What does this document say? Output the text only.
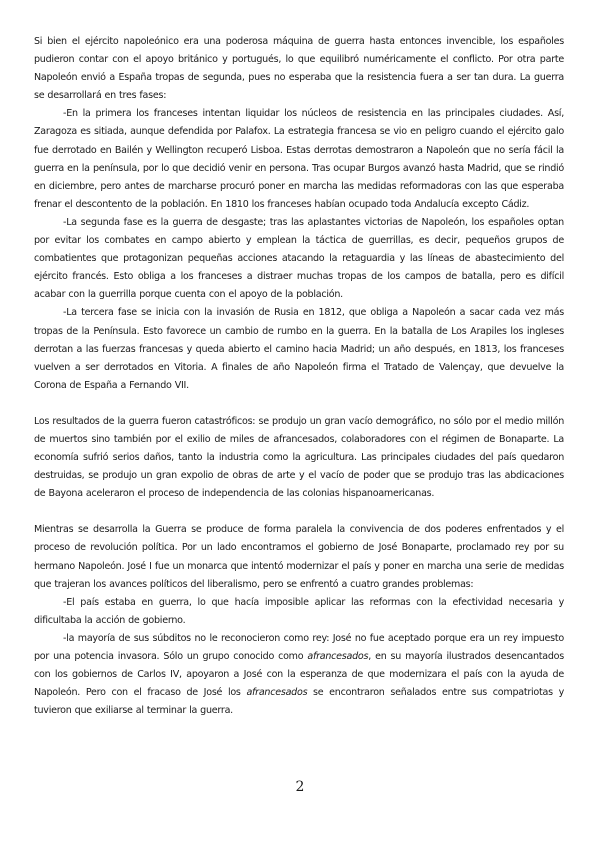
Si bien el ejército napoleónico era una poderosa máquina de guerra hasta entonces invencible, los españoles pudieron contar con el apoyo británico y portugués, lo que equilibró numéricamente el conflicto. Por otra parte Napoleón envió a España tropas de segunda, pues no esperaba que la resistencia fuera a ser tan dura. La guerra se desarrollará en tres fases:

-En la primera los franceses intentan liquidar los núcleos de resistencia en las principales ciudades. Así, Zaragoza es sitiada, aunque defendida por Palafox. La estrategia francesa se vio en peligro cuando el ejército galo fue derrotado en Bailén y Wellington recuperó Lisboa. Estas derrotas demostraron a Napoleón que no sería fácil la guerra en la península, por lo que decidió venir en persona. Tras ocupar Burgos avanzó hasta Madrid, que se rindió en diciembre, pero antes de marcharse procuró poner en marcha las medidas reformadoras con las que esperaba frenar el descontento de la población. En 1810 los franceses habían ocupado toda Andalucía excepto Cádiz.

-La segunda fase es la guerra de desgaste; tras las aplastantes victorias de Napoleón, los españoles optan por evitar los combates en campo abierto y emplean la táctica de guerrillas, es decir, pequeños grupos de combatientes que protagonizan pequeñas acciones atacando la retaguardia y las líneas de abastecimiento del ejército francés. Esto obliga a los franceses a distraer muchas tropas de los campos de batalla, pero es difícil acabar con la guerrilla porque cuenta con el apoyo de la población.

-La tercera fase se inicia con la invasión de Rusia en 1812, que obliga a Napoleón a sacar cada vez más tropas de la Península. Esto favorece un cambio de rumbo en la guerra. En la batalla de Los Arapiles los ingleses derrotan a las fuerzas francesas y queda abierto el camino hacia Madrid; un año después, en 1813, los franceses vuelven a ser derrotados en Vitoria. A finales de año Napoleón firma el Tratado de Valençay, que devuelve la Corona de España a Fernando VII.

Los resultados de la guerra fueron catastróficos: se produjo un gran vacío demográfico, no sólo por el medio millón de muertos sino también por el exilio de miles de afrancesados, colaboradores con el régimen de Bonaparte. La economía sufrió serios daños, tanto la industria como la agricultura. Las principales ciudades del país quedaron destruidas, se produjo un gran expolio de obras de arte y el vacío de poder que se produjo tras las abdicaciones de Bayona aceleraron el proceso de independencia de las colonias hispanoamericanas.

Mientras se desarrolla la Guerra se produce de forma paralela la convivencia de dos poderes enfrentados y el proceso de revolución política. Por un lado encontramos el gobierno de José Bonaparte, proclamado rey por su hermano Napoleón. José I fue un monarca que intentó modernizar el país y poner en marcha una serie de medidas que trajeran los avances políticos del liberalismo, pero se enfrentó a cuatro grandes problemas:

-El país estaba en guerra, lo que hacía imposible aplicar las reformas con la efectividad necesaria y dificultaba la acción de gobierno.

-la mayoría de sus súbditos no le reconocieron como rey: José no fue aceptado porque era un rey impuesto por una potencia invasora. Sólo un grupo conocido como afrancesados, en su mayoría ilustrados desencantados con los gobiernos de Carlos IV, apoyaron a José con la esperanza de que modernizara el país con la ayuda de Napoleón. Pero con el fracaso de José los afrancesados se encontraron señalados entre sus compatriotas y tuvieron que exiliarse al terminar la guerra.

2
